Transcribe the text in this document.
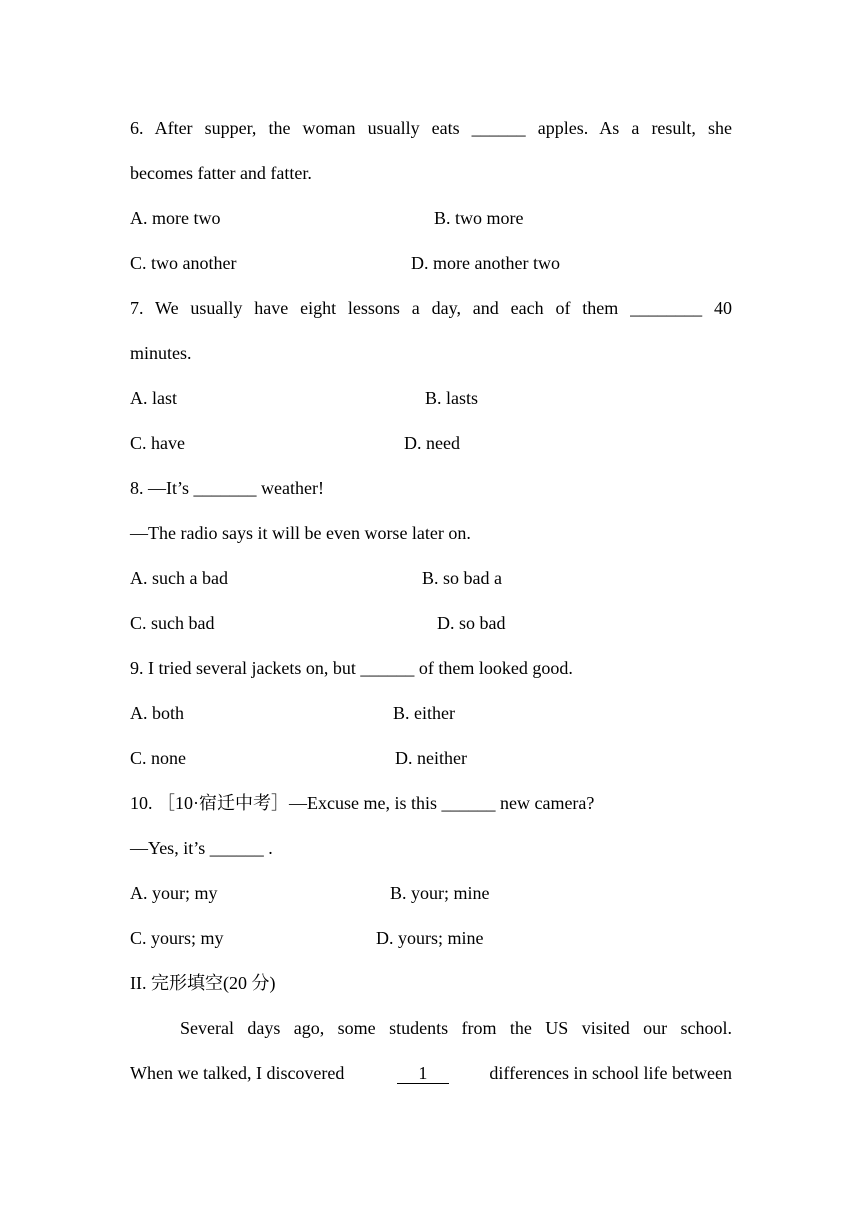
6. After supper, the woman usually eats ______ apples. As a result, she
becomes fatter and fatter.
A. more two	B. two more
C. two another	D. more another two
7. We usually have eight lessons a day, and each of them ________ 40
minutes.
A. last	B. lasts
C. have	D. need
8. —It’s _______ weather!
—The radio says it will be even worse later on.
A. such a bad	B. so bad a
C. such bad	D. so bad
9. I tried several jackets on, but ______ of them looked good.
A. both	B. either
C. none	D. neither
10. ［10·宿迁中考］—Excuse me, is this ______ new camera?
—Yes, it’s ______ .
A. your; my	B. your; mine
C. yours; my	D. yours; mine
II. 完形填空(20 分)
Several days ago, some students from the US visited our school.
When we talked, I discovered	1	differences in school life between
